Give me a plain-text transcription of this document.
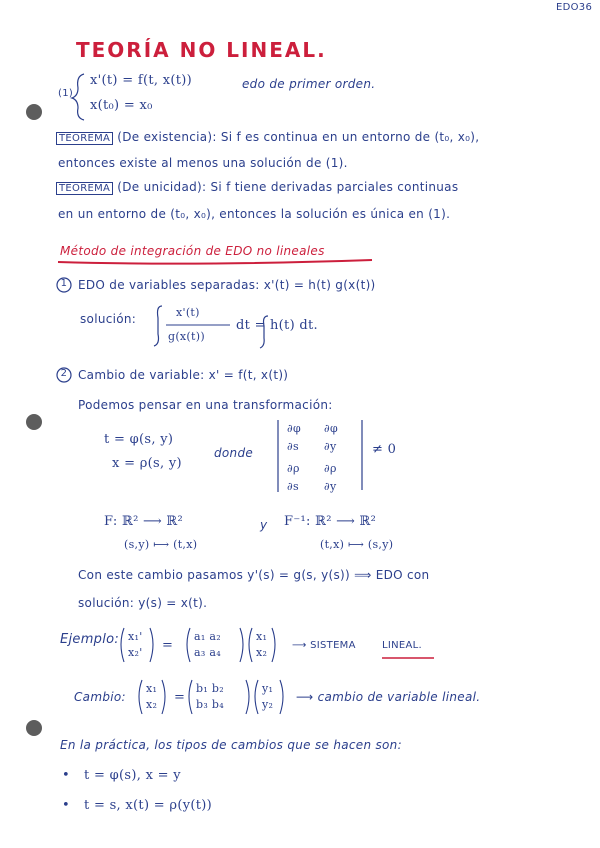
EDO36
TEORÍA NO LINEAL.
(1)
x'(t) = f(t, x(t))
x(t₀) = x₀
edo de primer orden.
TEOREMA (De existencia): Si f es continua en un entorno de (t₀, x₀),
entonces existe al menos una solución de (1).
TEOREMA (De unicidad): Si f tiene derivadas parciales continuas
en un entorno de (t₀, x₀), entonces la solución es única en (1).
Método de integración de EDO no lineales
1 EDO de variables separadas: x'(t) = h(t) g(x(t))
solución:	x'(t)
g(x(t))
dt = h(t) dt.
2 Cambio de variable: x' = f(t, x(t))
Podemos pensar en una transformación:
t = φ(s, y)
x = ρ(s, y)
donde
∂φ
∂s
∂φ
∂y
∂ρ
∂s
∂ρ
∂y
≠ 0
F: ℝ² ⟶ ℝ²
(s,y) ⟼ (t,x)
y F⁻¹: ℝ² ⟶ ℝ²
(t,x) ⟼ (s,y)
Con este cambio pasamos y'(s) = g(s, y(s)) ⟹ EDO con
solución: y(s) = x(t).
Ejemplo: x₁'
x₂' =
a₁ a₂
a₃ a₄
x₁
x₂
⟶ SISTEMA	LINEAL.
Cambio:
x₁
x₂ =
b₁ b₂
b₃ b₄
y₁
y₂
⟶ cambio de variable lineal.
En la práctica, los tipos de cambios que se hacen son:
• t = φ(s), x = y
• t = s, x(t) = ρ(y(t))
